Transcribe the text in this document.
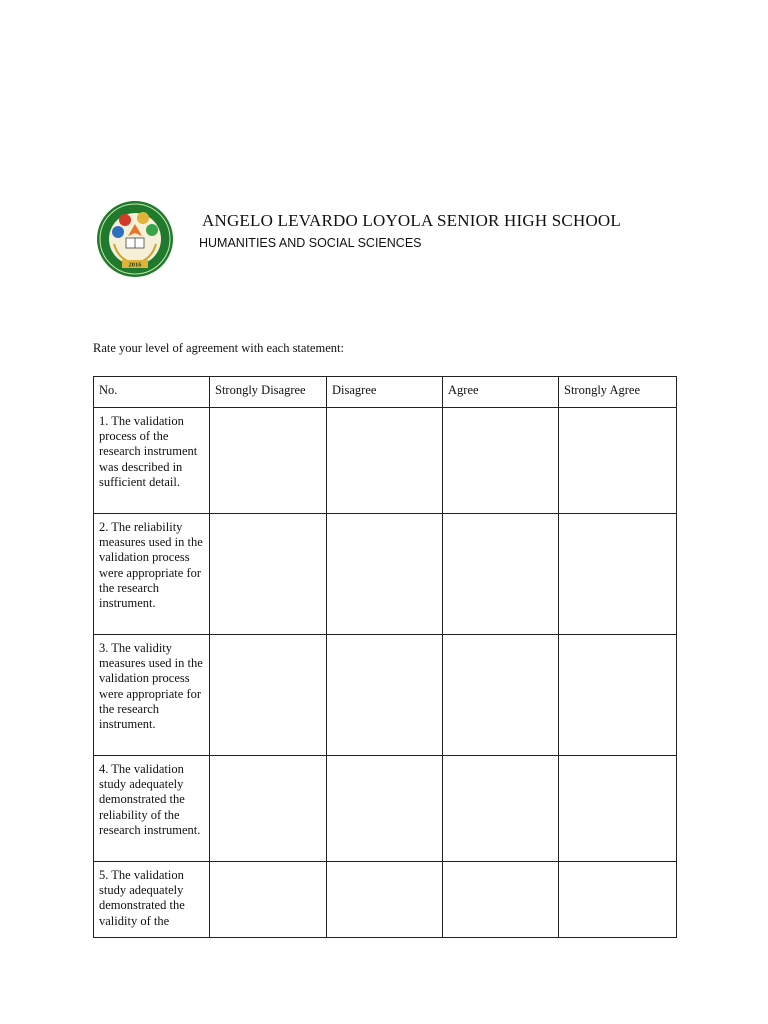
2016
ANGELO LEVARDO LOYOLA SENIOR HIGH SCHOOL
HUMANITIES AND SOCIAL SCIENCES
Rate your level of agreement with each statement:
No.	Strongly Disagree	Disagree	Agree	Strongly Agree
1. The validation process of the research instrument was described in sufficient detail.				
2. The reliability measures used in the validation process were appropriate for the research instrument.				
3. The validity measures used in the validation process were appropriate for the research instrument.				
4. The validation study adequately demonstrated the reliability of the research instrument.				
5. The validation study adequately demonstrated the validity of the				
